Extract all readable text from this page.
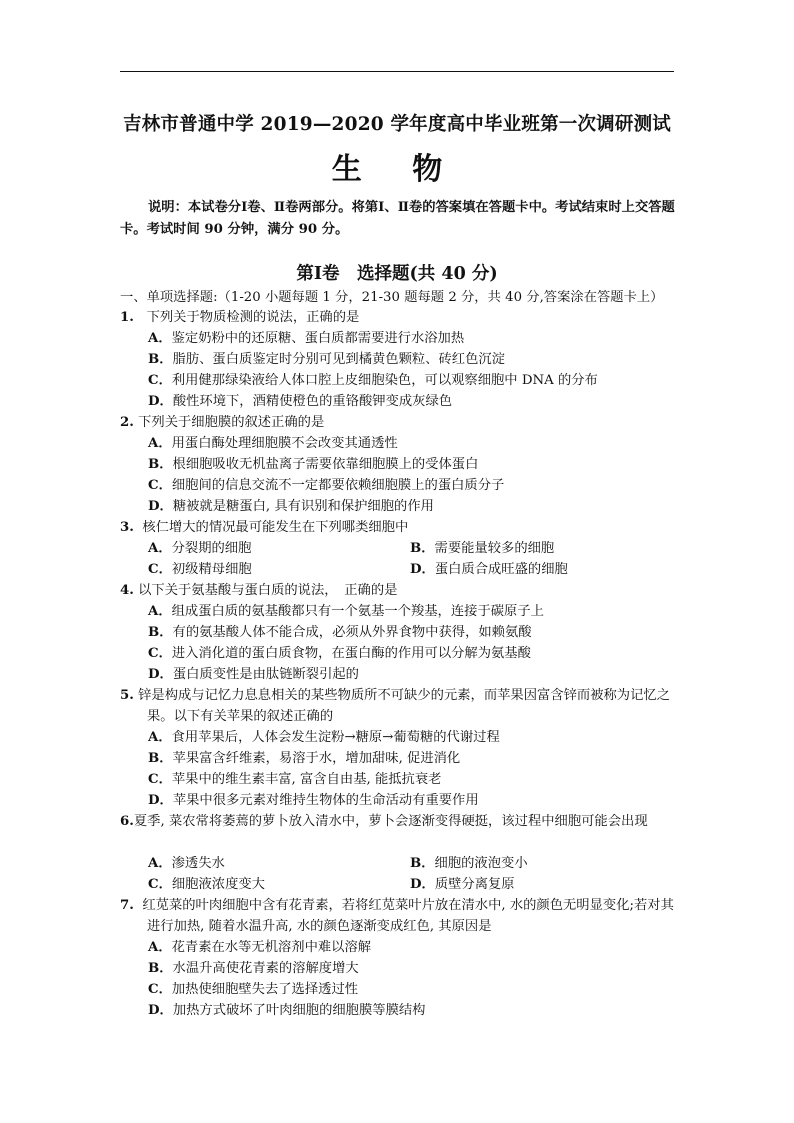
吉林市普通中学 2019—2020 学年度高中毕业班第一次调研测试
生 物
说明：本试卷分Ⅰ卷、Ⅱ卷两部分。将第Ⅰ、Ⅱ卷的答案填在答题卡中。考试结束时上交答题卡。考试时间 90 分钟，满分 90 分。
第Ⅰ卷　选择题(共 40 分)
一、单项选择题:（1-20 小题每题 1 分，21-30 题每题 2 分，共 40 分,答案涂在答题卡上）
1. 下列关于物质检测的说法，正确的是
A．鉴定奶粉中的还原糖、蛋白质都需要进行水浴加热
B．脂肪、蛋白质鉴定时分别可见到橘黄色颗粒、砖红色沉淀
C．利用健那绿染液给人体口腔上皮细胞染色，可以观察细胞中 DNA 的分布
D．酸性环境下，酒精使橙色的重铬酸钾变成灰绿色
2. 下列关于细胞膜的叙述正确的是
A．用蛋白酶处理细胞膜不会改变其通透性
B．根细胞吸收无机盐离子需要依靠细胞膜上的受体蛋白
C．细胞间的信息交流不一定都要依赖细胞膜上的蛋白质分子
D．糖被就是糖蛋白, 具有识别和保护细胞的作用
3. 核仁增大的情况最可能发生在下列哪类细胞中
A．分裂期的细胞	B．需要能量较多的细胞
C．初级精母细胞	D．蛋白质合成旺盛的细胞
4. 以下关于氨基酸与蛋白质的说法，　正确的是
A．组成蛋白质的氨基酸都只有一个氨基一个羧基，连接于碳原子上
B．有的氨基酸人体不能合成，必须从外界食物中获得，如赖氨酸
C．进入消化道的蛋白质食物，在蛋白酶的作用可以分解为氨基酸
D．蛋白质变性是由肽链断裂引起的
5. 锌是构成与记忆力息息相关的某些物质所不可缺少的元素，而苹果因富含锌而被称为记忆之果。以下有关苹果的叙述正确的
A．食用苹果后，人体会发生淀粉→糖原→葡萄糖的代谢过程
B．苹果富含纤维素，易溶于水，增加甜味, 促进消化
C．苹果中的维生素丰富, 富含自由基, 能抵抗衰老
D．苹果中很多元素对维持生物体的生命活动有重要作用
6.夏季, 菜农常将萎蔫的萝卜放入清水中，萝卜会逐渐变得硬挺，该过程中细胞可能会出现
A．渗透失水	B．细胞的液泡变小
C．细胞液浓度变大	D．质壁分离复原
7. 红苋菜的叶肉细胞中含有花青素，若将红苋菜叶片放在清水中, 水的颜色无明显变化;若对其进行加热, 随着水温升高, 水的颜色逐渐变成红色, 其原因是
A．花青素在水等无机溶剂中难以溶解
B．水温升高使花青素的溶解度增大
C．加热使细胞壁失去了选择透过性
D．加热方式破坏了叶肉细胞的细胞膜等膜结构
